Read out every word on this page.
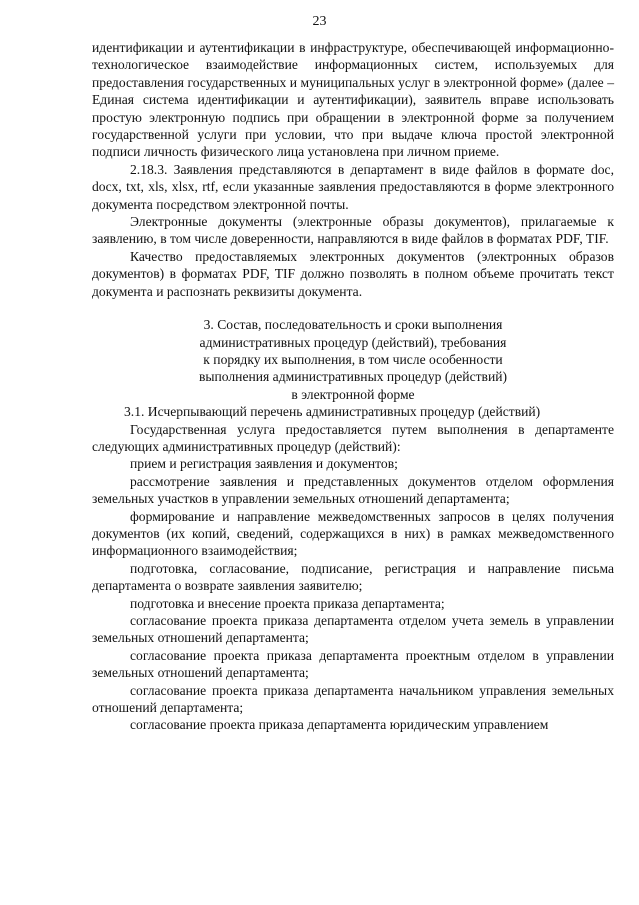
23

идентификации и аутентификации в инфраструктуре, обеспечивающей информационно-технологическое взаимодействие информационных систем, используемых для предоставления государственных и муниципальных услуг в электронной форме» (далее – Единая система идентификации и аутентификации), заявитель вправе использовать простую электронную подпись при обращении в электронной форме за получением государственной услуги при условии, что при выдаче ключа простой электронной подписи личность физического лица установлена при личном приеме.

2.18.3. Заявления представляются в департамент в виде файлов в формате doc, docx, txt, xls, xlsx, rtf, если указанные заявления предоставляются в форме электронного документа посредством электронной почты.

Электронные документы (электронные образы документов), прилагаемые к заявлению, в том числе доверенности, направляются в виде файлов в форматах PDF, TIF.

Качество предоставляемых электронных документов (электронных образов документов) в форматах PDF, TIF должно позволять в полном объеме прочитать текст документа и распознать реквизиты документа.

3. Состав, последовательность и сроки выполнения
административных процедур (действий), требования
к порядку их выполнения, в том числе особенности
выполнения административных процедур (действий)
в электронной форме

3.1. Исчерпывающий перечень административных процедур (действий)

Государственная услуга предоставляется путем выполнения в департаменте следующих административных процедур (действий):

прием и регистрация заявления и документов;

рассмотрение заявления и представленных документов отделом оформления земельных участков в управлении земельных отношений департамента;

формирование и направление межведомственных запросов в целях получения документов (их копий, сведений, содержащихся в них) в рамках межведомственного информационного взаимодействия;

подготовка, согласование, подписание, регистрация и направление письма департамента о возврате заявления заявителю;

подготовка и внесение проекта приказа департамента;

согласование проекта приказа департамента отделом учета земель в управлении земельных отношений департамента;

согласование проекта приказа департамента проектным отделом в управлении земельных отношений департамента;

согласование проекта приказа департамента начальником управления земельных отношений департамента;

согласование проекта приказа департамента юридическим управлением
